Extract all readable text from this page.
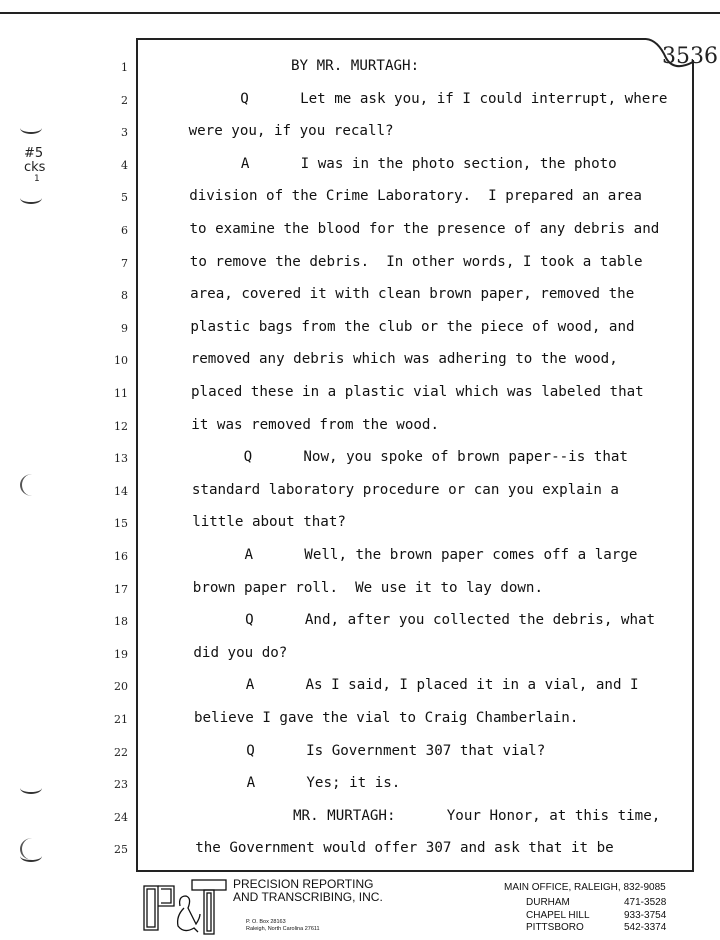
3536
#5
cks
1
1	BY MR. MURTAGH:
2	Q      Let me ask you, if I could interrupt, where
3	were you, if you recall?
4	A      I was in the photo section, the photo
5	division of the Crime Laboratory.  I prepared an area
6	to examine the blood for the presence of any debris and
7	to remove the debris.  In other words, I took a table
8	area, covered it with clean brown paper, removed the
9	plastic bags from the club or the piece of wood, and
10	removed any debris which was adhering to the wood,
11	placed these in a plastic vial which was labeled that
12	it was removed from the wood.
13	Q      Now, you spoke of brown paper--is that
14	standard laboratory procedure or can you explain a
15	little about that?
16	A      Well, the brown paper comes off a large
17	brown paper roll.  We use it to lay down.
18	Q      And, after you collected the debris, what
19	did you do?
20	A      As I said, I placed it in a vial, and I
21	believe I gave the vial to Craig Chamberlain.
22	Q      Is Government 307 that vial?
23	A      Yes; it is.
24	MR. MURTAGH:      Your Honor, at this time,
25	the Government would offer 307 and ask that it be
P&T
PRECISION REPORTING
AND TRANSCRIBING, INC.
P. O. Box 28163
Raleigh, North Carolina 27611
MAIN OFFICE, RALEIGH, 832-9085
DURHAM	471-3528
CHAPEL HILL	933-3754
PITTSBORO	542-3374
